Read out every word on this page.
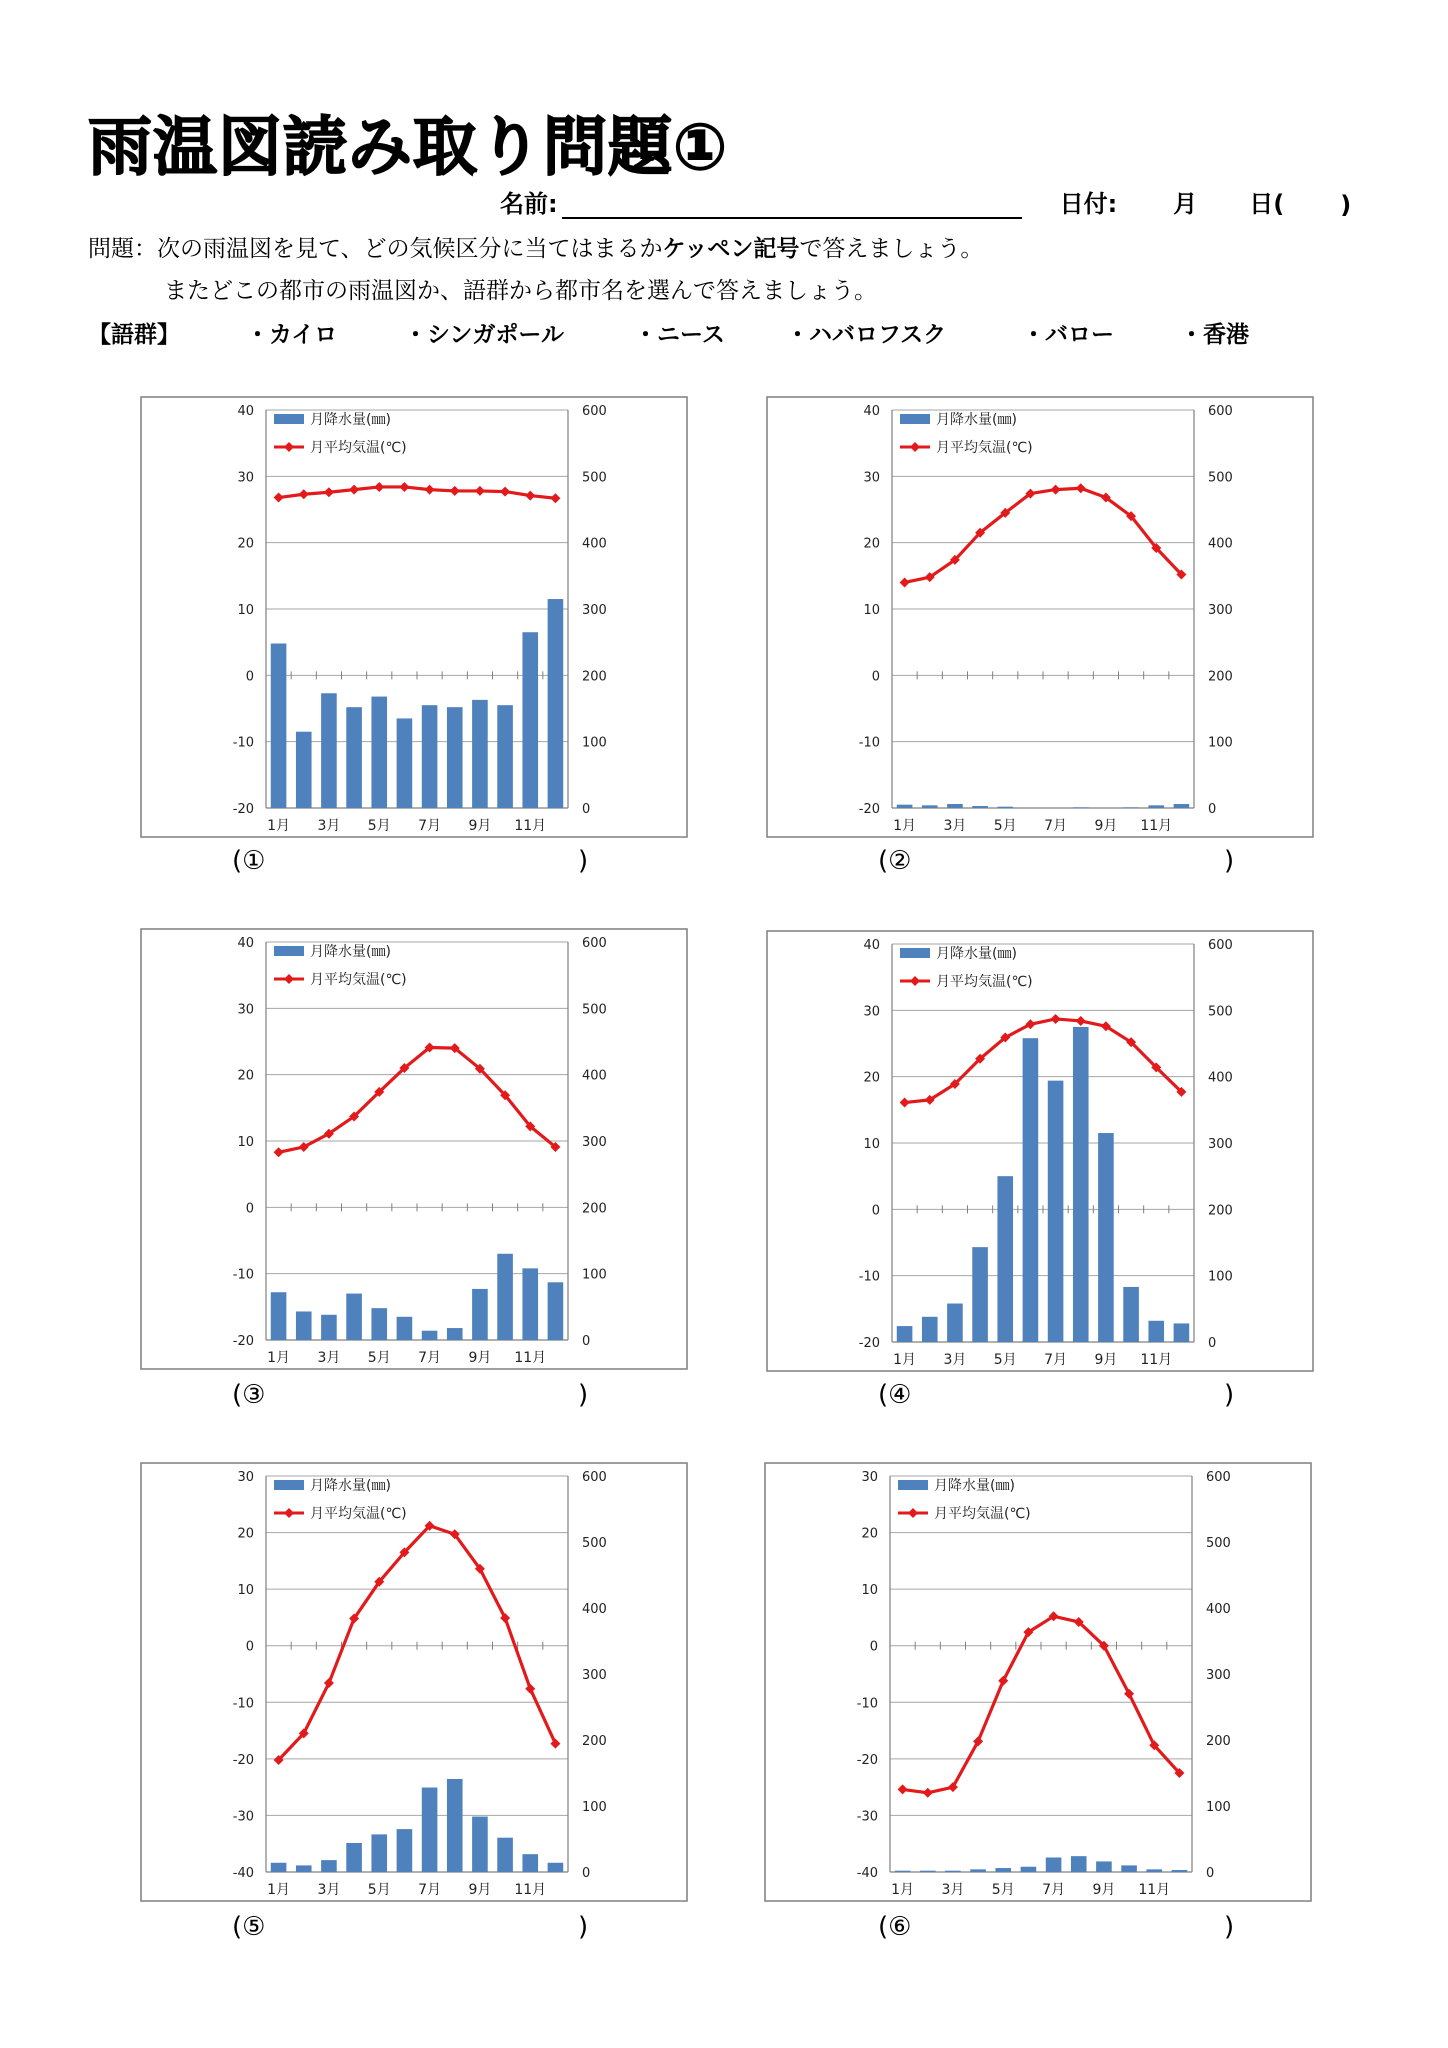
雨温図読み取り問題①
名前:	日付: 月 日( )
問題：次の雨温図を見て、どの気候区分に当てはまるかケッペン記号で答えましょう。
またどこの都市の雨温図か、語群から都市名を選んで答えましょう。
【語群】	・カイロ	・シンガポール	・ニース	・ハバロフスク	・バロー	・香港
-20
-10
0
10
20
30
40
0
100
200
300
400
500
600
1月 3月 5月 7月 9月 11月
月降水量(㎜)
月平均気温(℃)
-20
-10
0
10
20
30
40
0
100
200
300
400
500
600
1月 3月 5月 7月 9月 11月
月降水量(㎜)
月平均気温(℃)
-20
-10
0
10
20
30
40
0
100
200
300
400
500
600
1月 3月 5月 7月 9月 11月
月降水量(㎜)
月平均気温(℃)
-20
-10
0
10
20
30
40
0
100
200
300
400
500
600
1月 3月 5月 7月 9月 11月
月降水量(㎜)
月平均気温(℃)
-40
-30
-20
-10
0
10
20
30
0
100
200
300
400
500
600
1月 3月 5月 7月 9月 11月
月降水量(㎜)
月平均気温(℃)
-40
-30
-20
-10
0
10
20
30
0
100
200
300
400
500
600
1月 3月 5月 7月 9月 11月
月降水量(㎜)
月平均気温(℃)
(①	)	(②	)
(③	)	(④	)
(⑤	)	(⑥	)
